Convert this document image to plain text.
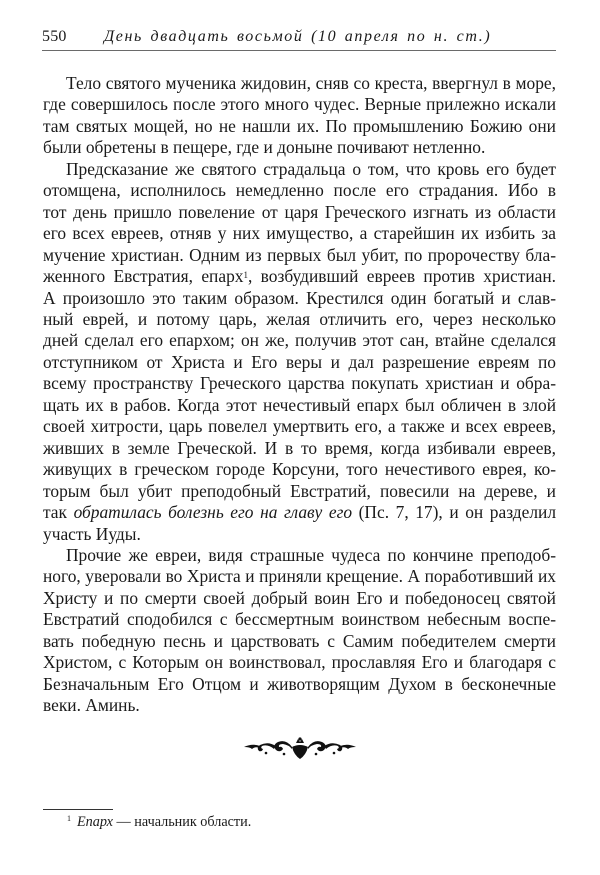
550 День двадцать восьмой (10 апреля по н. ст.)
Тело святого мученика жидовин, сняв со креста, ввергнул в море,
где совершилось после этого много чудес. Верные прилежно искали
там святых мощей, но не нашли их. По промышлению Божию они
были обретены в пещере, где и доныне почивают нетленно.
Предсказание же святого страдальца о том, что кровь его будет
отомщена, исполнилось немедленно после его страдания. Ибо в
тот день пришло повеление от царя Греческого изгнать из области
его всех евреев, отняв у них имущество, а старейшин их избить за
мучение христиан. Одним из первых был убит, по пророчеству бла-
женного Евстратия, епарх$^1$, возбудивший евреев против христиан.
А произошло это таким образом. Крестился один богатый и слав-
ный еврей, и потому царь, желая отличить его, через несколько
дней сделал его епархом; он же, получив этот сан, втайне сделался
отступником от Христа и Его веры и дал разрешение евреям по
всему пространству Греческого царства покупать христиан и обра-
щать их в рабов. Когда этот нечестивый епарх был обличен в злой
своей хитрости, царь повелел умертвить его, а также и всех евреев,
живших в земле Греческой. И в то время, когда избивали евреев,
живущих в греческом городе Корсуни, того нечестивого еврея, ко-
торым был убит преподобный Евстратий, повесили на дереве, и
так обратилась болезнь его на главу его (Пс. 7, 17), и он разделил
участь Иуды.
Прочие же евреи, видя страшные чудеса по кончине преподоб-
ного, уверовали во Христа и приняли крещение. А поработивший их
Христу и по смерти своей добрый воин Его и победоносец святой
Евстратий сподобился с бессмертным воинством небесным воспе-
вать победную песнь и царствовать с Самим победителем смерти
Христом, с Которым он воинствовал, прославляя Его и благодаря с
Безначальным Его Отцом и животворящим Духом в бесконечные
веки. Аминь.
$^1$ Епарх — начальник области.
